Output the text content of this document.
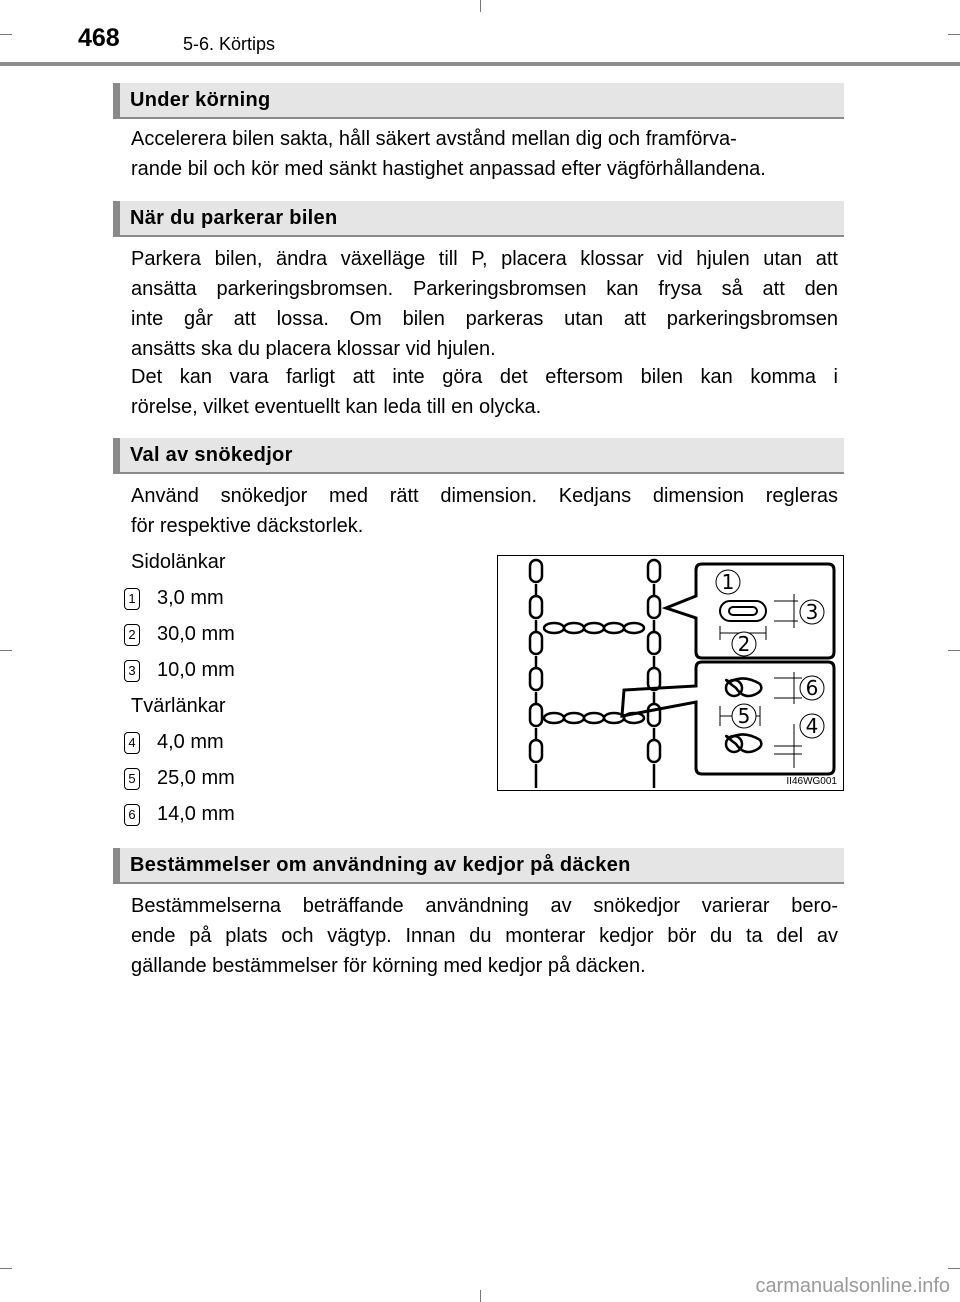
468	5-6. Körtips
Under körning

Accelerera bilen sakta, håll säkert avstånd mellan dig och framförva-
rande bil och kör med sänkt hastighet anpassad efter vägförhållandena.

När du parkerar bilen

Parkera bilen, ändra växelläge till P, placera klossar vid hjulen utan att
ansätta parkeringsbromsen. Parkeringsbromsen kan frysa så att den
inte går att lossa. Om bilen parkeras utan att parkeringsbromsen
ansätts ska du placera klossar vid hjulen.

Det kan vara farligt att inte göra det eftersom bilen kan komma i
rörelse, vilket eventuellt kan leda till en olycka.

Val av snökedjor

Använd snökedjor med rätt dimension. Kedjans dimension regleras
för respektive däckstorlek.

Sidolänkar
1 3,0 mm
2 30,0 mm
3 10,0 mm
Tvärlänkar
4 4,0 mm
5 25,0 mm
6 14,0 mm
1
2
3
5
6
4
II46WG001
Bestämmelser om användning av kedjor på däcken

Bestämmelserna beträffande användning av snökedjor varierar bero-
ende på plats och vägtyp. Innan du monterar kedjor bör du ta del av
gällande bestämmelser för körning med kedjor på däcken.

carmanualsonline.info
